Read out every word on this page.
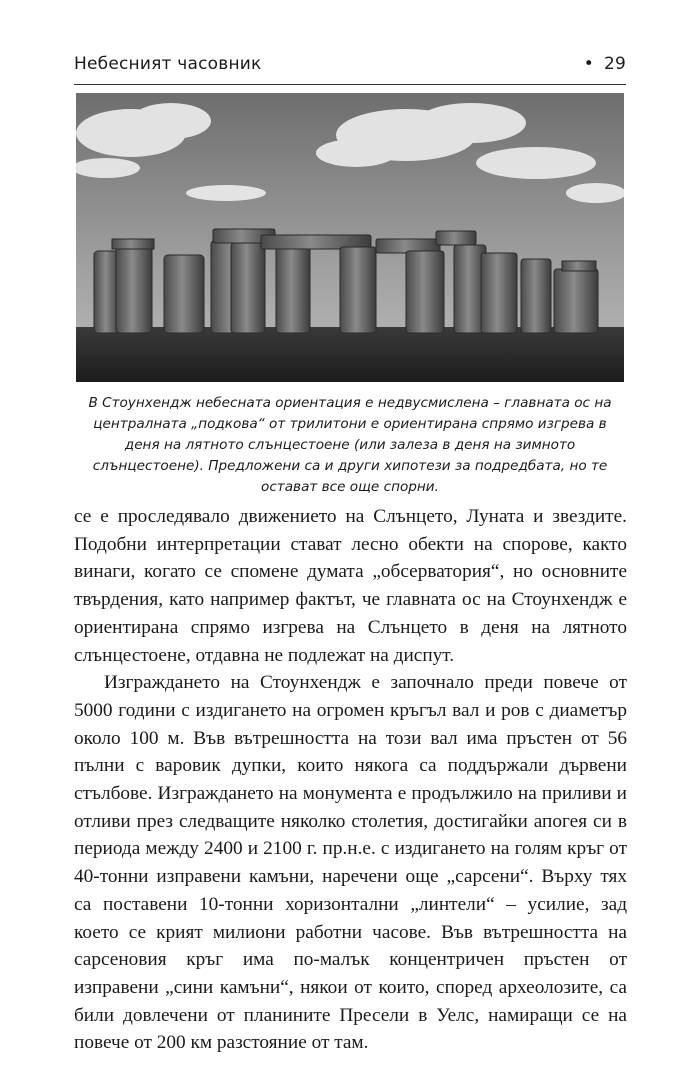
Небесният часовник	• 29
В Стоунхендж небесната ориентация е недвусмислена – главната ос на централната „подкова“ от трилитони е ориентирана спрямо изгрева в деня на лятното слънцестоене (или залеза в деня на зимното слънцестоене). Предложени са и други хипотези за подредбата, но те остават все още спорни.

се е проследявало движението на Слънцето, Луната и звездите. Подобни интерпретации стават лесно обекти на спорове, както винаги, когато се спомене думата „обсерватория“, но основните твърдения, като например фактът, че главната ос на Стоунхендж е ориентирана спрямо изгрева на Слънцето в деня на лятното слънцестоене, отдавна не подлежат на диспут.

Изграждането на Стоунхендж е започнало преди повече от 5000 години с издигането на огромен кръгъл вал и ров с диаметър около 100 м. Във вътрешността на този вал има пръстен от 56 пълни с варовик дупки, които някога са поддържали дървени стълбове. Изграждането на монумента е продължило на приливи и отливи през следващите няколко столетия, достигайки апогея си в периода между 2400 и 2100 г. пр.н.е. с издигането на голям кръг от 40-тонни изправени камъни, наречени още „сарсени“. Върху тях са поставени 10-тонни хоризонтални „линтели“ – усилие, зад което се крият милиони работни часове. Във вътрешността на сарсеновия кръг има по-малък концентричен пръстен от изправени „сини камъни“, някои от които, според археолозите, са били довлечени от планините Пресели в Уелс, намиращи се на повече от 200 км разстояние от там.
